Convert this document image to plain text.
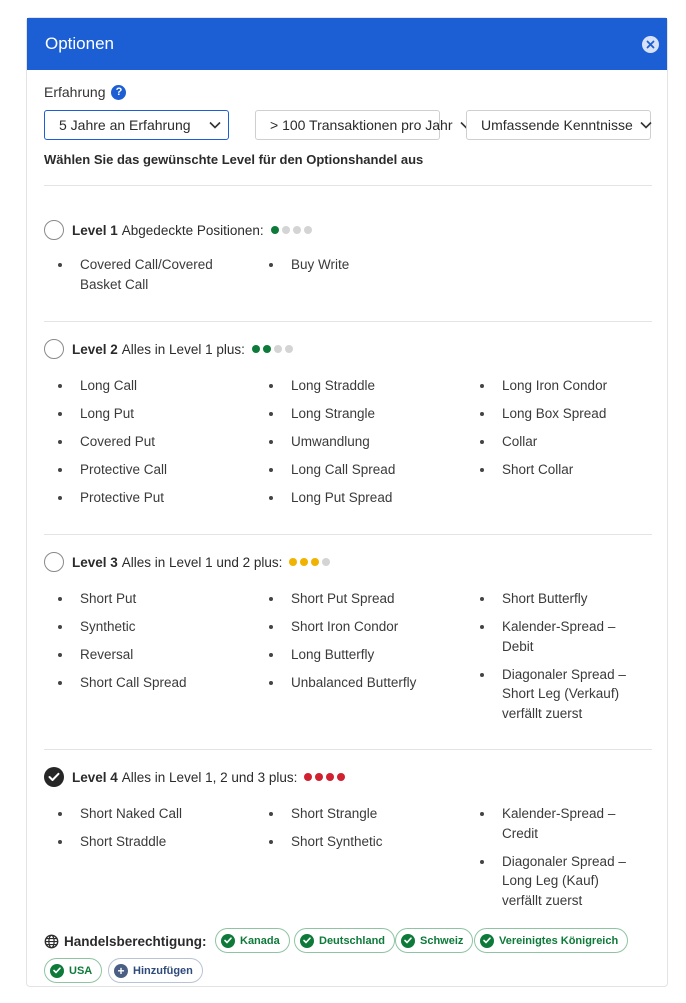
Optionen
Erfahrung ?
5 Jahre an Erfahrung	> 100 Transaktionen pro Jahr Umfassende Kenntnisse
Wählen Sie das gewünschte Level für den Optionshandel aus
Level 1 Abgedeckte Positionen:
Covered Call/Covered Basket Call
Buy Write
Level 2 Alles in Level 1 plus:
Long Call
Long Put
Covered Put
Protective Call
Protective Put
Long Straddle
Long Strangle
Umwandlung
Long Call Spread
Long Put Spread
Long Iron Condor
Long Box Spread
Collar
Short Collar
Level 3 Alles in Level 1 und 2 plus:
Short Put
Synthetic
Reversal
Short Call Spread
Short Put Spread
Short Iron Condor
Long Butterfly
Unbalanced Butterfly
Short Butterfly
Kalender-Spread – Debit
Diagonaler Spread – Short Leg (Verkauf) verfällt zuerst
Level 4 Alles in Level 1, 2 und 3 plus:
Short Naked Call
Short Straddle
Short Strangle
Short Synthetic
Kalender-Spread – Credit
Diagonaler Spread – Long Leg (Kauf) verfällt zuerst
Handelsberechtigung:	Kanada	Deutschland	Schweiz	Vereinigtes Königreich
USA + Hinzufügen
